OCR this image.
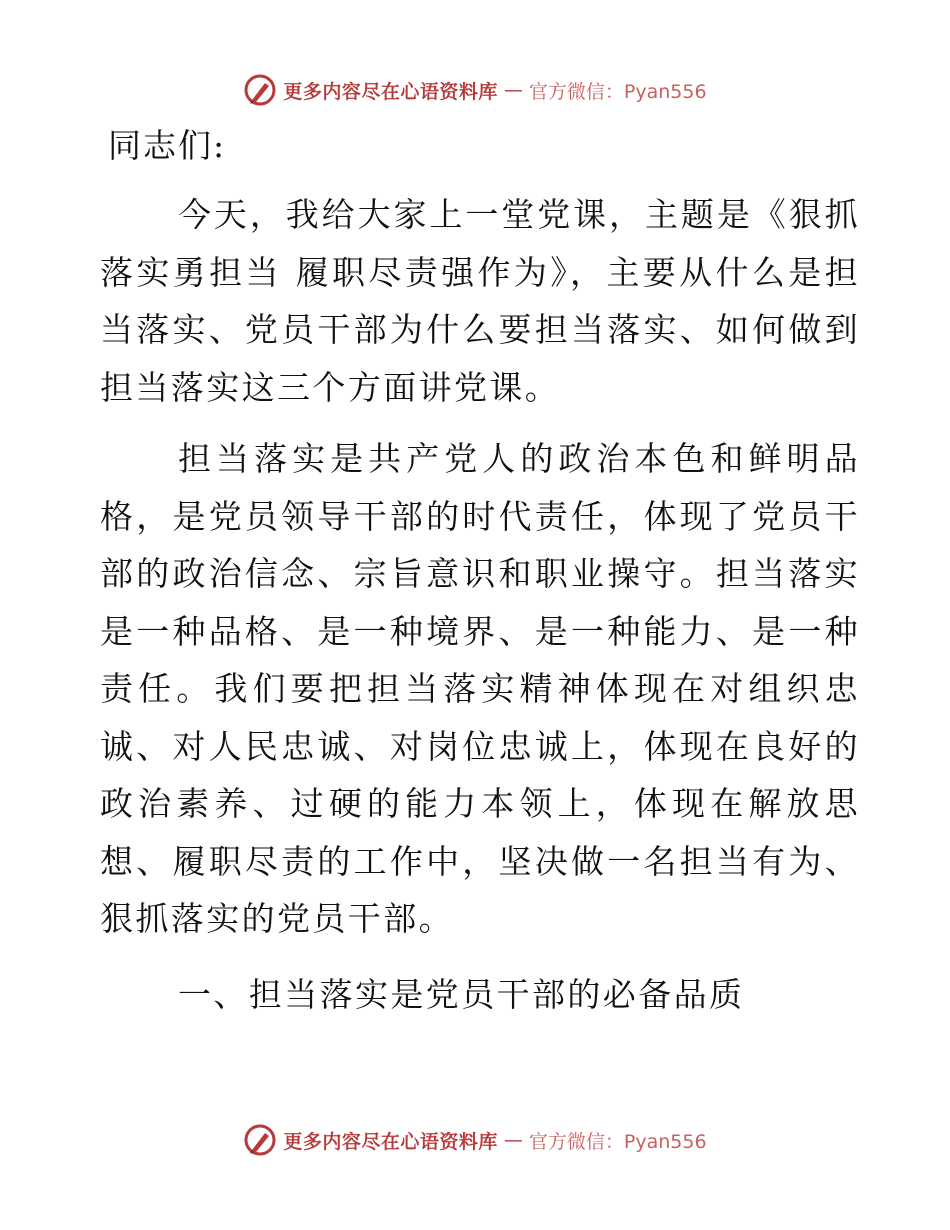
更多内容尽在心语资料库 — 官方微信：Pyan556

同志们:

今天，我给大家上一堂党课，主题是《狠抓落实勇担当 履职尽责强作为》，主要从什么是担当落实、党员干部为什么要担当落实、如何做到担当落实这三个方面讲党课。

担当落实是共产党人的政治本色和鲜明品格，是党员领导干部的时代责任，体现了党员干部的政治信念、宗旨意识和职业操守。担当落实是一种品格、是一种境界、是一种能力、是一种责任。我们要把担当落实精神体现在对组织忠诚、对人民忠诚、对岗位忠诚上，体现在良好的政治素养、过硬的能力本领上，体现在解放思想、履职尽责的工作中，坚决做一名担当有为、狠抓落实的党员干部。

一、担当落实是党员干部的必备品质

更多内容尽在心语资料库 — 官方微信：Pyan556
